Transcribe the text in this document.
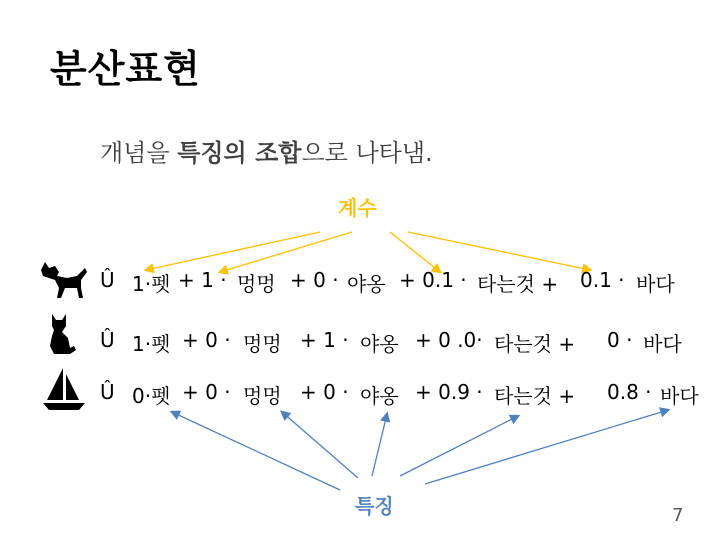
분산표현
개념을 특징의 조합으로 나타냄.
계수
Û 1·펫 + 1 · 멍멍 + 0 · 야옹 + 0.1 · 타는것 + 0.1 · 바다
Û 1·펫 + 0 · 멍멍 + 1 · 야옹 + 0 .0· 타는것 + 0 · 바다
Û 0·펫 + 0 · 멍멍 + 0 · 야옹 + 0.9 · 타는것 + 0.8 · 바다
특징	7
